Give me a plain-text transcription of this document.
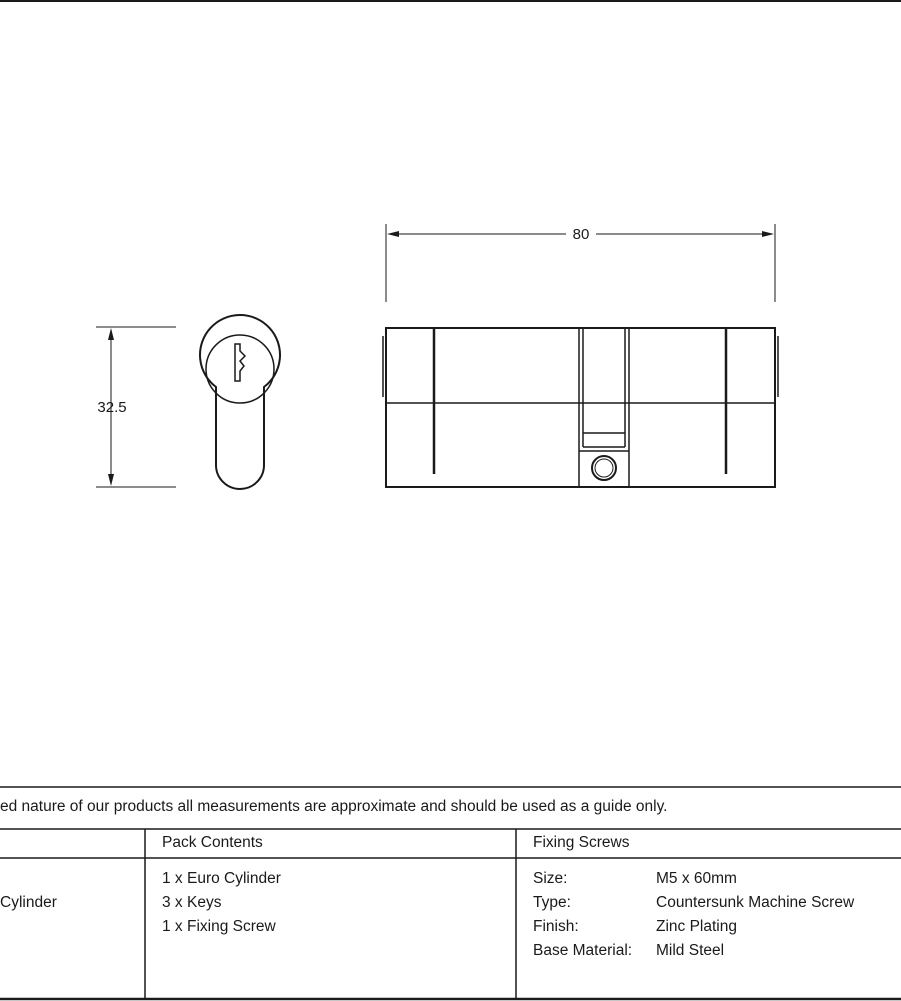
80
32.5
ed nature of our products all measurements are approximate and should be used as a guide only.
Pack Contents	Fixing Screws
Cylinder
1 x Euro Cylinder
3 x Keys
1 x Fixing Screw
Size:	M5 x 60mm
Type:	Countersunk Machine Screw
Finish:	Zinc Plating
Base Material: Mild Steel
